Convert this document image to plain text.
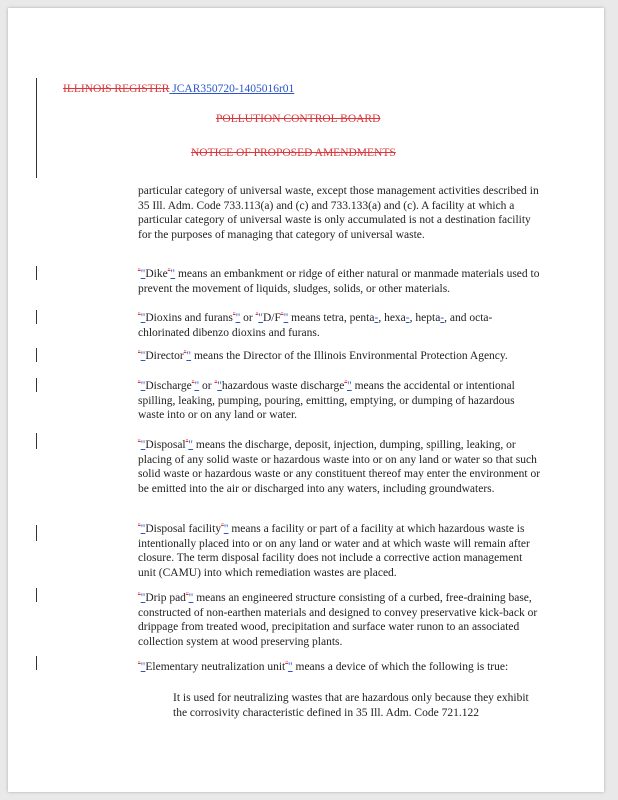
ILLINOIS REGISTER JCAR350720-1405016r01
POLLUTION CONTROL BOARD
NOTICE OF PROPOSED AMENDMENTS

particular category of universal waste, except those management activities described in 35 Ill. Adm. Code 733.113(a) and (c) and 733.133(a) and (c). A facility at which a particular category of universal waste is only accumulated is not a destination facility for the purposes of managing that category of universal waste.

“"Dike”" means an embankment or ridge of either natural or manmade materials used to prevent the movement of liquids, sludges, solids, or other materials.

“"Dioxins and furans”" or “"D/F”" means tetra, penta-, hexa-, hepta-, and octa-chlorinated dibenzo dioxins and furans.

“"Director”" means the Director of the Illinois Environmental Protection Agency.

“"Discharge”" or “"hazardous waste discharge”" means the accidental or intentional spilling, leaking, pumping, pouring, emitting, emptying, or dumping of hazardous waste into or on any land or water.

“"Disposal”" means the discharge, deposit, injection, dumping, spilling, leaking, or placing of any solid waste or hazardous waste into or on any land or water so that such solid waste or hazardous waste or any constituent thereof may enter the environment or be emitted into the air or discharged into any waters, including groundwaters.

“"Disposal facility”" means a facility or part of a facility at which hazardous waste is intentionally placed into or on any land or water and at which waste will remain after closure. The term disposal facility does not include a corrective action management unit (CAMU) into which remediation wastes are placed.

“"Drip pad”" means an engineered structure consisting of a curbed, free-draining base, constructed of non-earthen materials and designed to convey preservative kick-back or drippage from treated wood, precipitation and surface water runon to an associated collection system at wood preserving plants.

“"Elementary neutralization unit”" means a device of which the following is true:

It is used for neutralizing wastes that are hazardous only because they exhibit the corrosivity characteristic defined in 35 Ill. Adm. Code 721.122
